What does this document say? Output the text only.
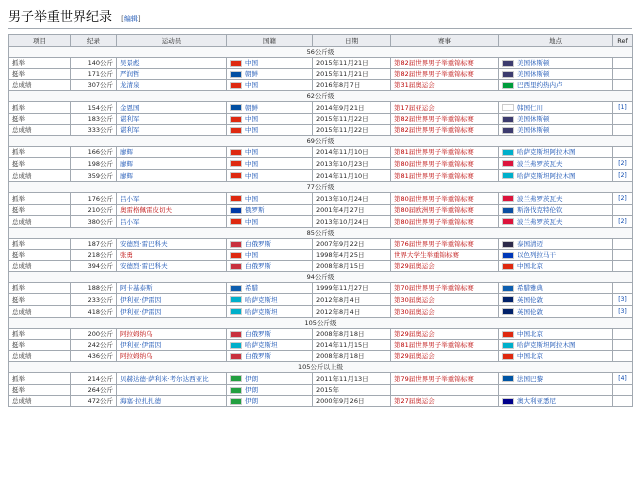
男子举重世界纪录 [编辑]
项目	纪录	运动员	国籍	日期	赛事	地点	Ref
56公斤级							
抓举	140公斤	吴景彪	中国	2015年11月21日	第82届世界男子举重锦标赛	美国休斯顿	
挺举	171公斤	严润哲	朝鲜	2015年11月21日	第82届世界男子举重锦标赛	美国休斯顿	
总成绩	307公斤	龙清泉	中国	2016年8月7日	第31届奥运会	巴西里约热内卢	
62公斤级							
抓举	154公斤	金恩国	朝鲜	2014年9月21日	第17届亚运会	韩国仁川	[1]
挺举	183公斤	谌利军	中国	2015年11月22日	第82届世界男子举重锦标赛	美国休斯顿	
总成绩	333公斤	谌利军	中国	2015年11月22日	第82届世界男子举重锦标赛	美国休斯顿	
69公斤级							
抓举	166公斤	廖辉	中国	2014年11月10日	第81届世界男子举重锦标赛	哈萨克斯坦阿拉木图	
挺举	198公斤	廖辉	中国	2013年10月23日	第80届世界男子举重锦标赛	波兰弗罗茨瓦夫	[2]
总成绩	359公斤	廖辉	中国	2014年11月10日	第81届世界男子举重锦标赛	哈萨克斯坦阿拉木图	[2]
77公斤级							
抓举	176公斤	吕小军	中国	2013年10月24日	第80届世界男子举重锦标赛	波兰弗罗茨瓦夫	[2]
挺举	210公斤	奥雷格佩雷皮切夫	俄罗斯	2001年4月27日	第80届欧洲男子举重锦标赛	斯洛伐克特伦钦	
总成绩	380公斤	吕小军	中国	2013年10月24日	第80届世界男子举重锦标赛	波兰弗罗茨瓦夫	[2]
85公斤级							
抓举	187公斤	安德烈·雷巴科夫	白俄罗斯	2007年9月22日	第76届世界男子举重锦标赛	泰国清迈	
挺举	218公斤	张勇	中国	1998年4月25日	世界大学生举重锦标赛	以色列拉马干	
总成绩	394公斤	安德烈·雷巴科夫	白俄罗斯	2008年8月15日	第29届奥运会	中国北京	
94公斤级							
抓举	188公斤	阿卡基泰斯	希腊	1999年11月27日	第70届世界男子举重锦标赛	希腊雅典	
挺举	233公斤	伊利亚·伊雷因	哈萨克斯坦	2012年8月4日	第30届奥运会	英国伦敦	[3]
总成绩	418公斤	伊利亚·伊雷因	哈萨克斯坦	2012年8月4日	第30届奥运会	英国伦敦	[3]
105公斤级							
抓举	200公斤	阿拉姆纳乌	白俄罗斯	2008年8月18日	第29届奥运会	中国北京	
挺举	242公斤	伊利亚·伊雷因	哈萨克斯坦	2014年11月15日	第81届世界男子举重锦标赛	哈萨克斯坦阿拉木图	
总成绩	436公斤	阿拉姆纳乌	白俄罗斯	2008年8月18日	第29届奥运会	中国北京	
105公斤以上级							
抓举	214公斤	贝赫达德·萨利米·考尔达西亚比	伊朗	2011年11月13日	第79届世界男子举重锦标赛	法国巴黎	[4]
挺举	264公斤		伊朗	2015年			
总成绩	472公斤	海塞·拉扎扎德	伊朗	2000年9月26日	第27届奥运会	澳大利亚悉尼	
